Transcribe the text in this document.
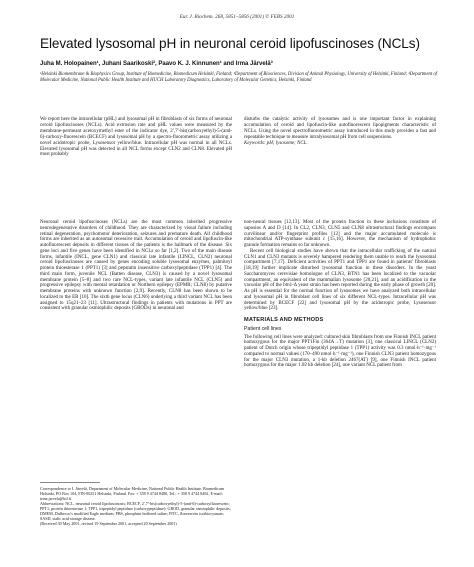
Eur. J. Biochem. 268, 5851–5856 (2001) © FEBS 2001
Elevated lysosomal pH in neuronal ceroid lipofuscinoses (NCLs)
Juha M. Holopainen¹, Juhani Saarikoski², Paavo K. J. Kinnunen¹ and Irma Järvelä³
¹Helsinki Biomembrane & Biophysics Group, Institute of Biomedicine, Biomedicum Helsinki, Finland; ²Department of Biosciences, Division of Animal Physiology, University of Helsinki, Finland; ³Department of Molecular Medicine, National Public Health Institute and HUCH Laboratory Diagnostics, Laboratory of Molecular Genetics, Helsinki, Finland

We report here the intracellular (pHL) and lysosomal pH in fibroblasts of six forms of neuronal ceroid lipofuscinoses (NCLs). Acid extrusion rate and pHL values were measured by the membrane-permeant acetoxymethyl ester of the indicator dye, 2′,7′-bis(carboxyethyl)-5-(and-6)-carboxy-fluorescein (BCECF) and lysosomal pH by a spectro-fluorometric assay utilizing a novel acidotropic probe, Lysosensor yellow/blue. Intracellular pH was normal in all NCLs. Elevated lysosomal pH was detected in all NCL forms except CLN2 and CLN8. Elevated pH most probably

disturbs the catalytic activity of lysosomes and is one important factor in explaining accumulation of ceroid and lipofuscin-like autofluorescent lipopigments characteristic of NCLs. Using the novel spectrofluorometric assay introduced in this study provides a fast and repeatable technique to measure intralysosomal pH from cell suspensions.

Keywords: pH; lysosome; NCL.

Neuronal ceroid lipofuscinoses (NCLs) are the most common inherited progressive neurodegenerative disorders of childhood. They are characterized by visual failure including retinal degeneration, psychomotor deterioration, seizures and premature death. All childhood forms are inherited as an autosomal recessive trait. Accumulation of ceroid and lipofuscin-like autofluorescent deposits in different tissues of the patients is the hallmark of the disease. Six gene loci and five genes have been identified in NCLs so far [1,2]. Two of the main disease forms, infantile (INCL, gene CLN1) and classical late infantile (LINCL, CLN2) neuronal ceroid lipofuscinoses are caused by genes encoding soluble lysosomal enzymes, palmitoyl protein thioesterase 1 (PPT1) [3] and pepstatin insensitive carboxylpeptidase (TPP1) [4]. The third main form, juvenile NCL (Batten disease, CLN3) is caused by a novel lysosomal membrane protein [5–8] and two rare NCL-types, variant late infantile NCL (CLN5) and progressive epilepsy with mental retardation or Northern epilepsy (EPMR; CLN8) by putative membrane proteins with unknown function [2,9]. Recently, CLN8 has been shown to be localized to the ER [10]. The sixth gene locus (CLN6) underlying a third variant NCL has been assigned to 15q21–23 [11]. Ultrastructural findings in patients with mutations in PPT are consistent with granular osmiophilic deposits (GRODs) in neuronal and

Correspondence to I. Järvelä, Department of Molecular Medicine, National Public Health Institute, Biomedicum Helsinki, PO Box 104, FIN-00251 Helsinki, Finland. Fax: + 358 9 4744 8480, Tel.: + 358 9 4744 8492, E-mail: irma.jarvela@ktl.fi

Abbreviations: NCL, neuronal ceroid lipofuscinosis; BCECF, 2′,7′-bis(carboxyethyl)-5-(and-6)-carboxyfluorescein; PPT1, protein thioesterase 1; TPP1, tripeptidyl peptidase (carboxypeptidase); GROD, granular osmiophilic deposits; DMEM, Dulbecco's modified Eagle medium; PBS, phosphate buffered saline; FITC, fluorescein isothiocyanate; SASD, sialic acid storage disease.

(Received 30 May 2001, revised 19 September 2001, accepted 20 September 2001)

non-neural tissues [12,13]. Most of the protein fraction in these inclusions constitute of saposins A and D [14]. In CL2, CLN3, CLN5 and CLN8 ultrastructural findings encompass curvilinear and/or fingerprint profiles [12] and the major accumulated molecule is mitochondrial ATP-synthase subunit c [15,16]. However, the mechanism of hydrophobic granule formation remains so far unknown.

Recent cell biological studies have shown that the intracellular trafficking of the natural CLN1 and CLN3 mutants is severely hampered rendering them unable to reach the lysosomal compartment [7,17]. Deficient activities of PPT1 and TPP1 are found in patients' fibroblasts [18,19] further implicate disturbed lysosomal function in these disorders. In the yeast Saccharomyces cerevisiae homologue of CLN3, BTN1 has been localized to the vacuolar compartment, an equivalent of the mammalian lysosome [20,21], and an acidification in the vacuolar pH of the btn1-Δ yeast strain has been reported during the early phase of growth [20]. As pH is essential for the normal function of lysosomes we have analyzed both intracellular and lysosomal pH in fibroblast cell lines of six different NCL-types. Intracellular pH was determined by BCECF [22] and lysosomal pH by the acidotropic probe, Lysosensor yellow/blue [23].

MATERIALS AND METHODS
Patient cell lines

The following cell lines were analyzed: cultured skin fibroblasts from one Finnish INCL patient homozygous for the major PPT1Fin (364A→T) mutation [3], one classical LINCL (CLN2) patient of Dutch origin whose tripeptidyl peptidase 1 (TPP1) activity was 0.3 nmol·h⁻¹·mg⁻¹ compared to normal values (170–490 nmol·h⁻¹·mg⁻¹), one Finnish CLN3 patient homozygous for the major CLN3 mutation, a 1-kb deletion 2467(AT) [9], one Finnish INCL patient homozygous for the major 1.02 kb deletion [24], one variant NCL patient from
